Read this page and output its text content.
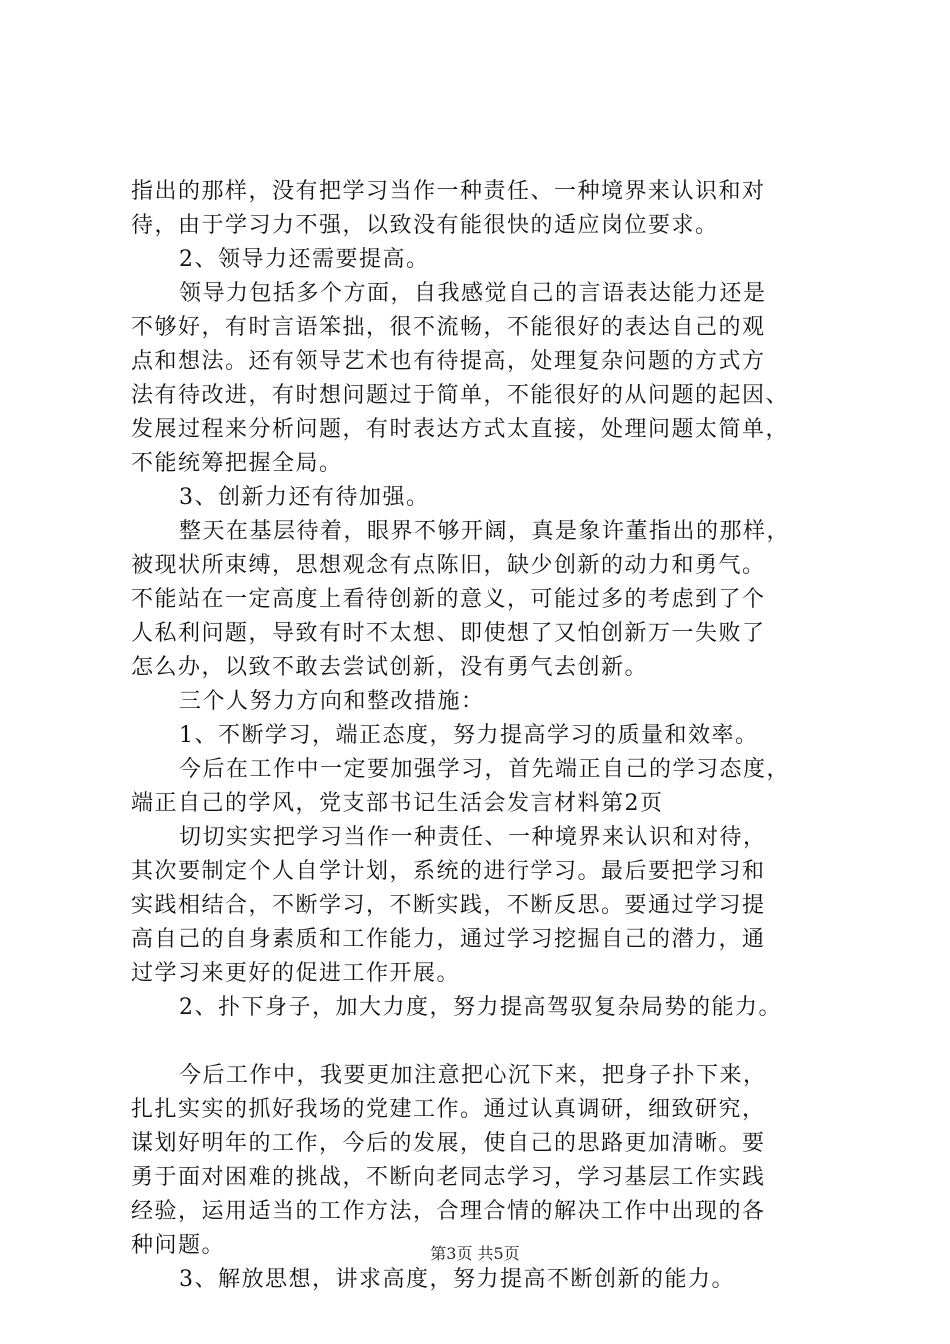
指出的那样，没有把学习当作一种责任、一种境界来认识和对
待，由于学习力不强，以致没有能很快的适应岗位要求。
2、领导力还需要提高。
领导力包括多个方面，自我感觉自己的言语表达能力还是
不够好，有时言语笨拙，很不流畅，不能很好的表达自己的观
点和想法。还有领导艺术也有待提高，处理复杂问题的方式方
法有待改进，有时想问题过于简单，不能很好的从问题的起因、
发展过程来分析问题，有时表达方式太直接，处理问题太简单，
不能统筹把握全局。
3、创新力还有待加强。
整天在基层待着，眼界不够开阔，真是象许董指出的那样，
被现状所束缚，思想观念有点陈旧，缺少创新的动力和勇气。
不能站在一定高度上看待创新的意义，可能过多的考虑到了个
人私利问题，导致有时不太想、即使想了又怕创新万一失败了
怎么办，以致不敢去尝试创新，没有勇气去创新。
三个人努力方向和整改措施：
1、不断学习，端正态度，努力提高学习的质量和效率。
今后在工作中一定要加强学习，首先端正自己的学习态度，
端正自己的学风，党支部书记生活会发言材料第2页
切切实实把学习当作一种责任、一种境界来认识和对待，
其次要制定个人自学计划，系统的进行学习。最后要把学习和
实践相结合，不断学习，不断实践，不断反思。要通过学习提
高自己的自身素质和工作能力，通过学习挖掘自己的潜力，通
过学习来更好的促进工作开展。
2、扑下身子，加大力度，努力提高驾驭复杂局势的能力。
今后工作中，我要更加注意把心沉下来，把身子扑下来，
扎扎实实的抓好我场的党建工作。通过认真调研，细致研究，
谋划好明年的工作，今后的发展，使自己的思路更加清晰。要
勇于面对困难的挑战，不断向老同志学习，学习基层工作实践
经验，运用适当的工作方法，合理合情的解决工作中出现的各
种问题。
3、解放思想，讲求高度，努力提高不断创新的能力。
第3页 共5页
